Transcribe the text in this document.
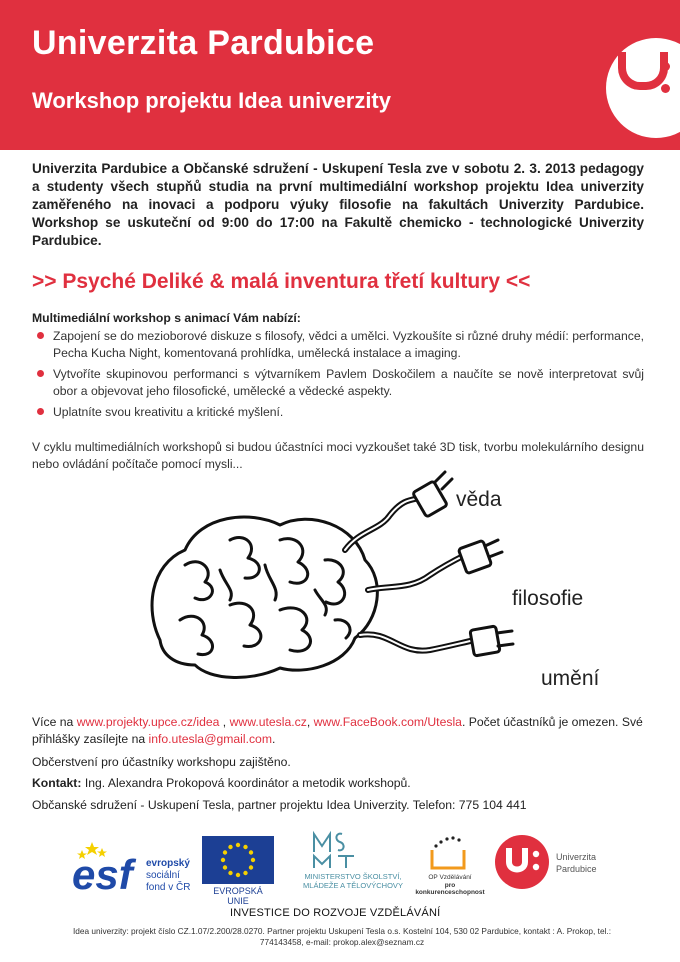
Univerzita Pardubice
Workshop projektu Idea univerzity
Univerzita Pardubice a Občanské sdružení - Uskupení Tesla zve v sobotu 2. 3. 2013 pedagogy a studenty všech stupňů studia na první multimediální workshop projektu Idea univerzity zaměřeného na inovaci a podporu výuky filosofie na fakultách Univerzity Pardubice. Workshop se uskuteční od 9:00 do 17:00 na Fakultě chemicko - technologické Univerzity Pardubice.
>> Psyché Deliké & malá inventura třetí kultury <<
Multimediální workshop s animací Vám nabízí:
Zapojení se do mezioborové diskuze s filosofy, vědci a umělci. Vyzkoušíte si různé druhy médií: performance, Pecha Kucha Night, komentovaná prohlídka, umělecká instalace a imaging.
Vytvoříte skupinovou performanci s výtvarníkem Pavlem Doskočilem a naučíte se nově interpretovat svůj obor a objevovat jeho filosofické, umělecké a vědecké aspekty.
Uplatníte svou kreativitu a kritické myšlení.
V cyklu multimediálních workshopů si budou účastníci moci vyzkoušet také 3D tisk, tvorbu molekulárního designu nebo ovládání počítače pomocí mysli...
věda
filosofie
umění
Více na www.projekty.upce.cz/idea , www.utesla.cz, www.FaceBook.com/Utesla. Počet účastníků je omezen. Své přihlášky zasílejte na info.utesla@gmail.com.
Občerstvení pro účastníky workshopu zajištěno.
Kontakt: Ing. Alexandra Prokopová koordinátor a metodik workshopů.
Občanské sdružení - Uskupení Tesla, partner projektu Idea Univerzity. Telefon: 775 104 441
esf evropský
sociální
fond v ČR	EVROPSKÁ UNIE
MINISTERSTVO ŠKOLSTVÍ,
MLÁDEŽE A TĚLOVÝCHOVY
OP Vzdělávání
pro konkurenceschopnost
Univerzita
Pardubice
INVESTICE DO ROZVOJE VZDĚLÁVÁNÍ
Idea univerzity: projekt číslo CZ.1.07/2.200/28.0270. Partner projektu Uskupení Tesla o.s. Kostelní 104, 530 02 Pardubice, kontakt : A. Prokop, tel.: 774143458, e-mail: prokop.alex@seznam.cz
